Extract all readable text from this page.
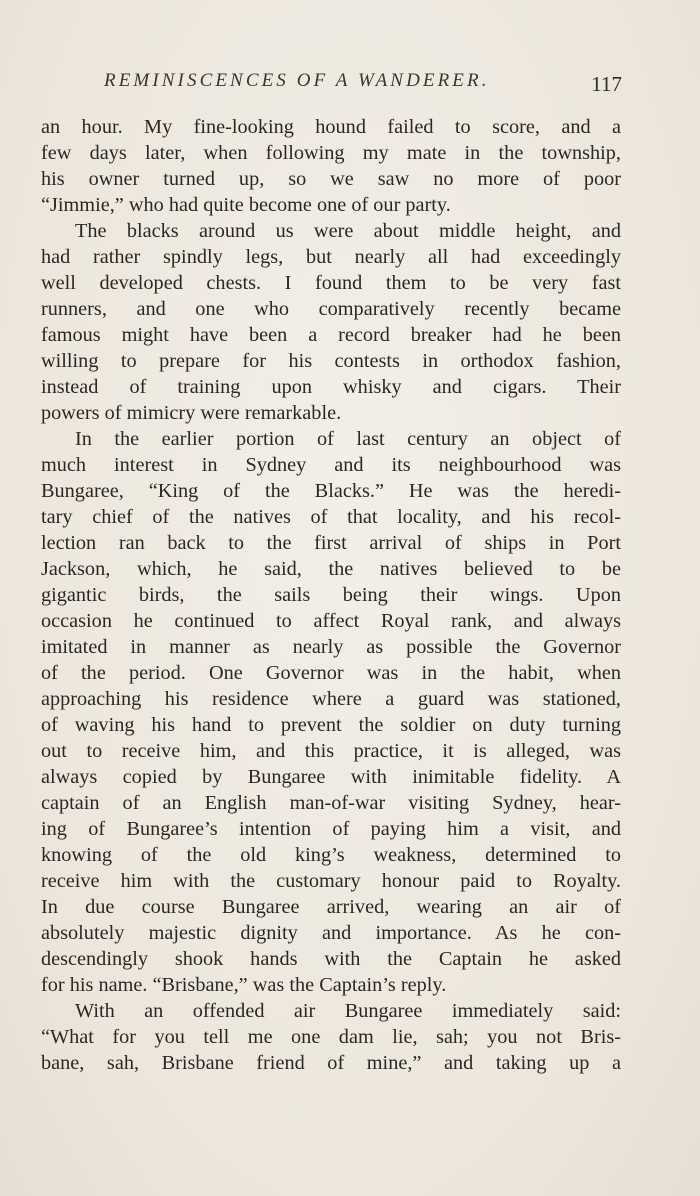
REMINISCENCES OF A WANDERER.	117
an hour. My fine-looking hound failed to score, and a
few days later, when following my mate in the township,
his owner turned up, so we saw no more of poor
“Jimmie,” who had quite become one of our party.
The blacks around us were about middle height, and
had rather spindly legs, but nearly all had exceedingly
well developed chests. I found them to be very fast
runners, and one who comparatively recently became
famous might have been a record breaker had he been
willing to prepare for his contests in orthodox fashion,
instead of training upon whisky and cigars. Their
powers of mimicry were remarkable.
In the earlier portion of last century an object of
much interest in Sydney and its neighbourhood was
Bungaree, “King of the Blacks.” He was the heredi-
tary chief of the natives of that locality, and his recol-
lection ran back to the first arrival of ships in Port
Jackson, which, he said, the natives believed to be
gigantic birds, the sails being their wings. Upon
occasion he continued to affect Royal rank, and always
imitated in manner as nearly as possible the Governor
of the period. One Governor was in the habit, when
approaching his residence where a guard was stationed,
of waving his hand to prevent the soldier on duty turning
out to receive him, and this practice, it is alleged, was
always copied by Bungaree with inimitable fidelity. A
captain of an English man-of-war visiting Sydney, hear-
ing of Bungaree’s intention of paying him a visit, and
knowing of the old king’s weakness, determined to
receive him with the customary honour paid to Royalty.
In due course Bungaree arrived, wearing an air of
absolutely majestic dignity and importance. As he con-
descendingly shook hands with the Captain he asked
for his name. “Brisbane,” was the Captain’s reply.
With an offended air Bungaree immediately said:
“What for you tell me one dam lie, sah; you not Bris-
bane, sah, Brisbane friend of mine,” and taking up a
